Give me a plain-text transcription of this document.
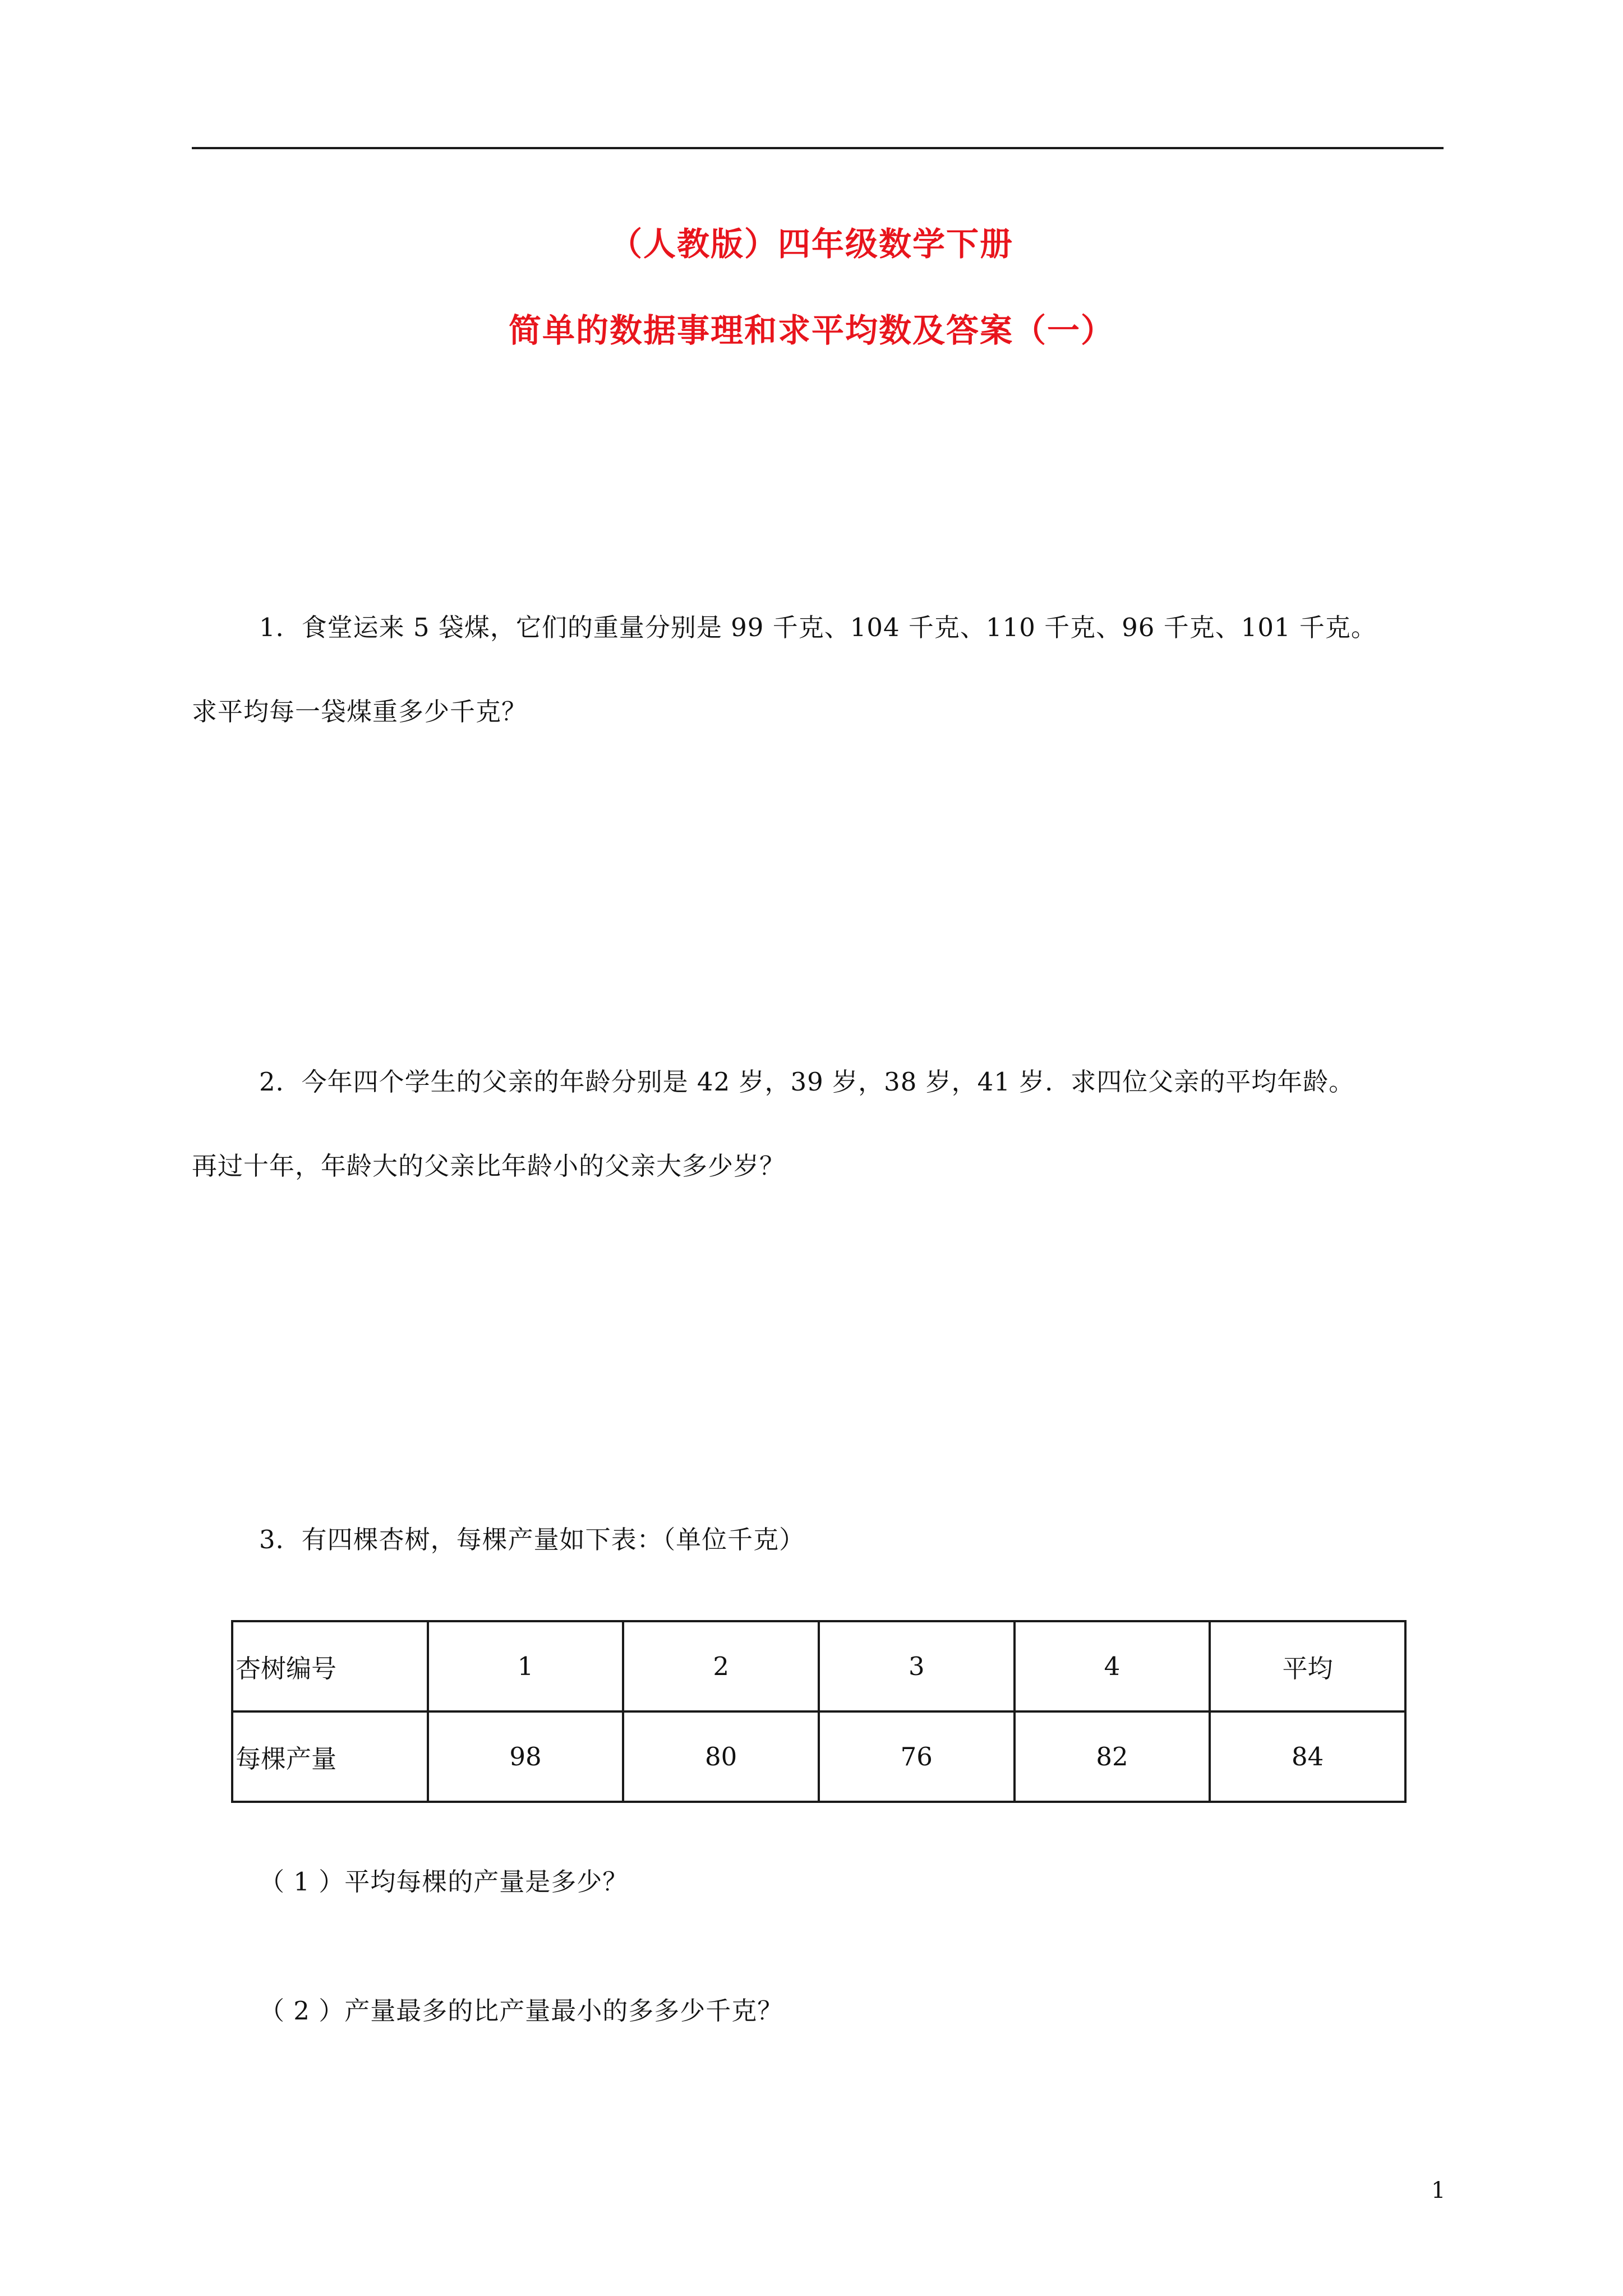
（人教版）四年级数学下册
简单的数据事理和求平均数及答案（一）
1．食堂运来 5 袋煤，它们的重量分别是 99 千克、104 千克、110 千克、96 千克、101 千克。
求平均每一袋煤重多少千克？
2．今年四个学生的父亲的年龄分别是 42 岁，39 岁，38 岁，41 岁．求四位父亲的平均年龄。
再过十年，年龄大的父亲比年龄小的父亲大多少岁？
3．有四棵杏树，每棵产量如下表：（单位千克）
杏树编号	1	2	3	4	平均
每棵产量	98	80	76	82	84
（ 1 ）平均每棵的产量是多少？
（ 2 ）产量最多的比产量最小的多多少千克？
1
